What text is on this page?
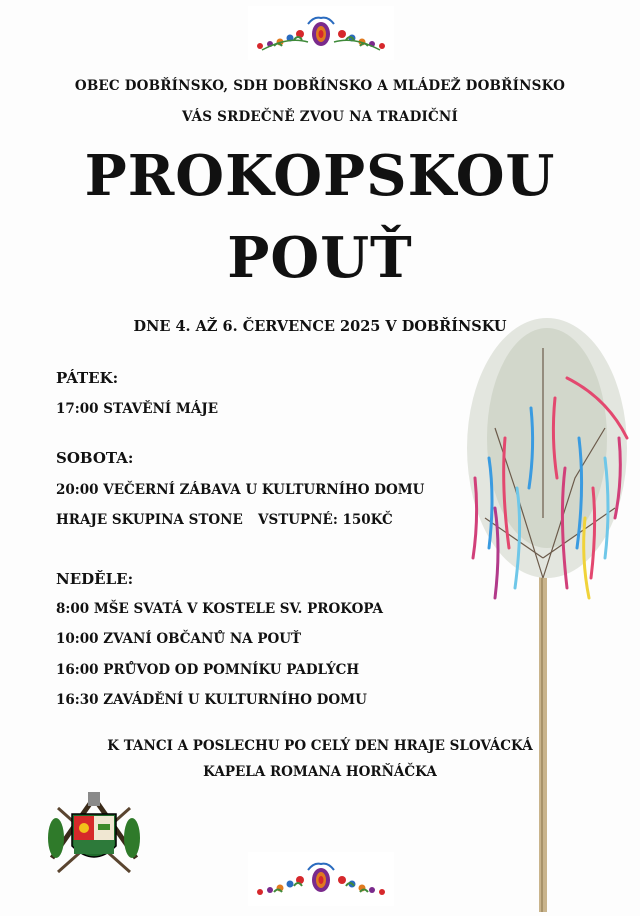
OBEC DOBŘÍNSKO, SDH DOBŘÍNSKO A MLÁDEŽ DOBŘÍNSKO
VÁS SRDEČNĚ ZVOU NA TRADIČNÍ
PROKOPSKOU
POUŤ
DNE 4. AŽ 6. ČERVENCE 2025 V DOBŘÍNSKU
PÁTEK:
17:00 STAVĚNÍ MÁJE
SOBOTA:
20:00 VEČERNÍ ZÁBAVA U KULTURNÍHO DOMU
HRAJE SKUPINA STONE VSTUPNÉ: 150KČ
NEDĚLE:
8:00 MŠE SVATÁ V KOSTELE SV. PROKOPA
10:00 ZVANÍ OBČANŮ NA POUŤ
16:00 PRŮVOD OD POMNÍKU PADLÝCH
16:30 ZAVÁDĚNÍ U KULTURNÍHO DOMU
K TANCI A POSLECHU PO CELÝ DEN HRAJE SLOVÁCKÁ
KAPELA ROMANA HORŇÁČKA
